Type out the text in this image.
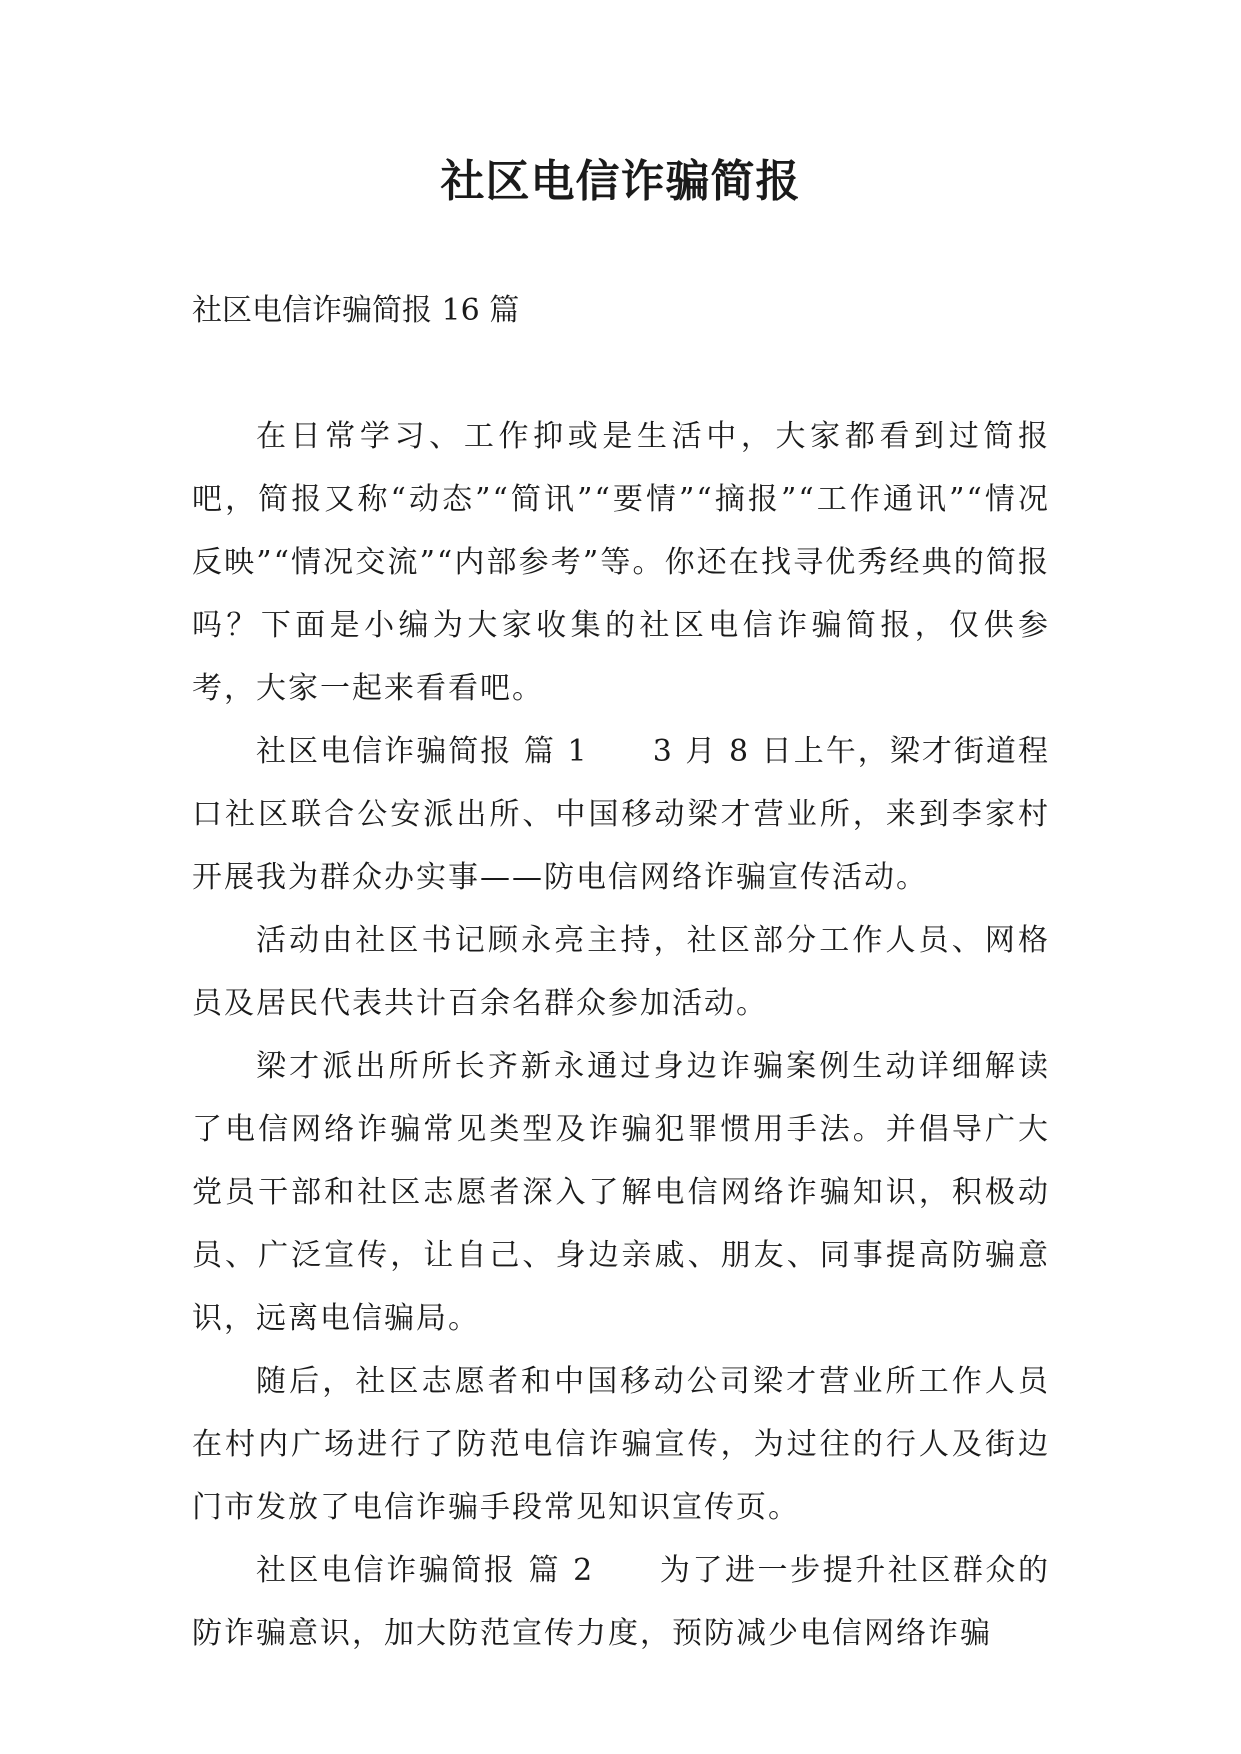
社区电信诈骗简报

社区电信诈骗简报 16 篇

在日常学习、工作抑或是生活中，大家都看到过简报吧，简报又称“动态”“简讯”“要情”“摘报”“工作通讯”“情况反映”“情况交流”“内部参考”等。你还在找寻优秀经典的简报吗？下面是小编为大家收集的社区电信诈骗简报，仅供参考，大家一起来看看吧。

社区电信诈骗简报 篇 1　　3 月 8 日上午，梁才街道程口社区联合公安派出所、中国移动梁才营业所，来到李家村开展我为群众办实事——防电信网络诈骗宣传活动。

活动由社区书记顾永亮主持，社区部分工作人员、网格员及居民代表共计百余名群众参加活动。

梁才派出所所长齐新永通过身边诈骗案例生动详细解读了电信网络诈骗常见类型及诈骗犯罪惯用手法。并倡导广大党员干部和社区志愿者深入了解电信网络诈骗知识，积极动员、广泛宣传，让自己、身边亲戚、朋友、同事提高防骗意识，远离电信骗局。

随后，社区志愿者和中国移动公司梁才营业所工作人员在村内广场进行了防范电信诈骗宣传，为过往的行人及街边门市发放了电信诈骗手段常见知识宣传页。

社区电信诈骗简报 篇 2　　为了进一步提升社区群众的防诈骗意识，加大防范宣传力度，预防减少电信网络诈骗
